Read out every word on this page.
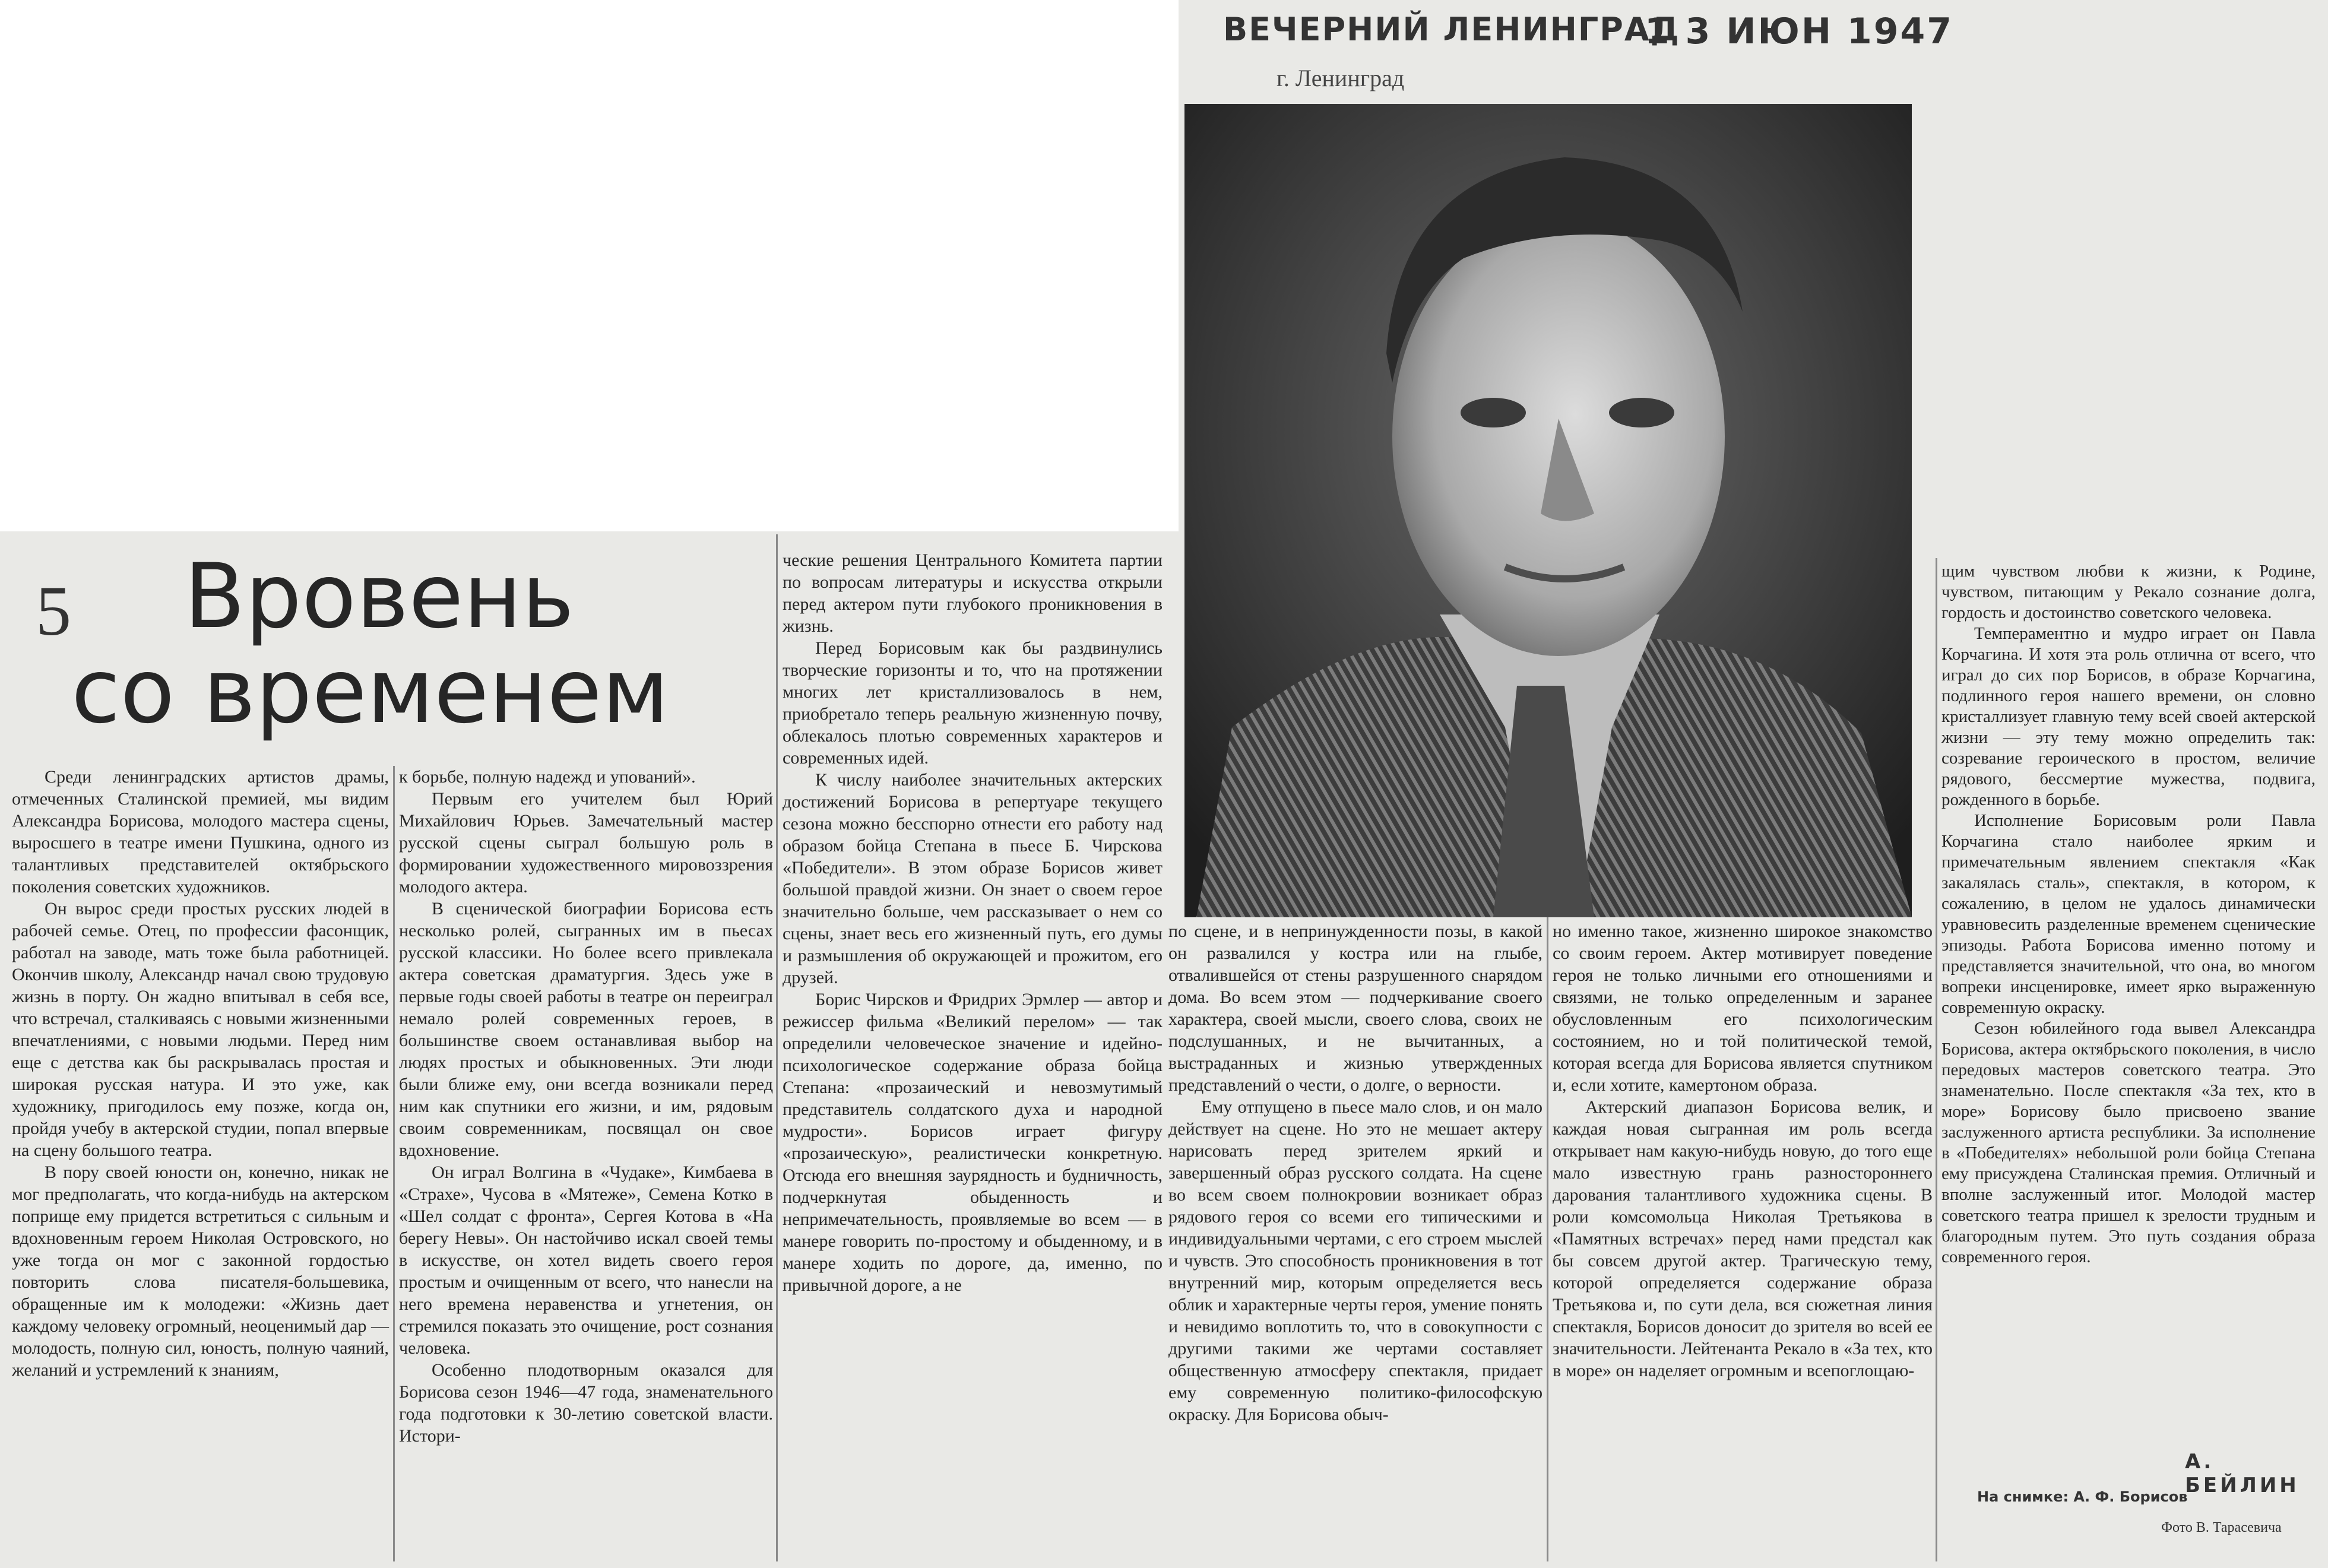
ВЕЧЕРНИЙ ЛЕНИНГРАД
1 3 ИЮН 1947
г. Ленинград
5	Вровень
со временем

Среди ленинградских артистов драмы, отмеченных Сталинской премией, мы видим Александра Борисова, молодого мастера сцены, выросшего в театре имени Пушкина, одного из талантливых представителей октябрьского поколения советских художников.

Он вырос среди простых русских людей в рабочей семье. Отец, по профессии фасонщик, работал на заводе, мать тоже была работницей. Окончив школу, Александр начал свою трудовую жизнь в порту. Он жадно впитывал в себя все, что встречал, сталкиваясь с новыми жизненными впечатлениями, с новыми людьми. Перед ним еще с детства как бы раскрывалась простая и широкая русская натура. И это уже, как художнику, пригодилось ему позже, когда он, пройдя учебу в актерской студии, попал впервые на сцену большого театра.

В пору своей юности он, конечно, никак не мог предполагать, что когда-нибудь на актерском поприще ему придется встретиться с сильным и вдохновенным героем Николая Островского, но уже тогда он мог с законной гордостью повторить слова писателя-большевика, обращенные им к молодежи: «Жизнь дает каждому человеку огромный, неоценимый дар — молодость, полную сил, юность, полную чаяний, желаний и устремлений к знаниям,

к борьбе, полную надежд и упований».

Первым его учителем был Юрий Михайлович Юрьев. Замечательный мастер русской сцены сыграл большую роль в формировании художественного мировоззрения молодого актера.

В сценической биографии Борисова есть несколько ролей, сыгранных им в пьесах русской классики. Но более всего привлекала актера советская драматургия. Здесь уже в первые годы своей работы в театре он переиграл немало ролей современных героев, в большинстве своем останавливая выбор на людях простых и обыкновенных. Эти люди были ближе ему, они всегда возникали перед ним как спутники его жизни, и им, рядовым своим современникам, посвящал он свое вдохновение.

Он играл Волгина в «Чудаке», Кимбаева в «Страхе», Чусова в «Мятеже», Семена Котко в «Шел солдат с фронта», Сергея Котова в «На берегу Невы». Он настойчиво искал своей темы в искусстве, он хотел видеть своего героя простым и очищенным от всего, что нанесли на него времена неравенства и угнетения, он стремился показать это очищение, рост сознания человека.

Особенно плодотворным оказался для Борисова сезон 1946—47 года, знаменательного года подготовки к 30-летию советской власти. Истори-

ческие решения Центрального Комитета партии по вопросам литературы и искусства открыли перед актером пути глубокого проникновения в жизнь.

Перед Борисовым как бы раздвинулись творческие горизонты и то, что на протяжении многих лет кристаллизовалось в нем, приобретало теперь реальную жизненную почву, облекалось плотью современных характеров и современных идей.

К числу наиболее значительных актерских достижений Борисова в репертуаре текущего сезона можно бесспорно отнести его работу над образом бойца Степана в пьесе Б. Чирскова «Победители». В этом образе Борисов живет большой правдой жизни. Он знает о своем герое значительно больше, чем рассказывает о нем со сцены, знает весь его жизненный путь, его думы и размышления об окружающей и прожитом, его друзей.

Борис Чирсков и Фридрих Эрмлер — автор и режиссер фильма «Великий перелом» — так определили человеческое значение и идейно-психологическое содержание образа бойца Степана: «прозаический и невозмутимый представитель солдатского духа и народной мудрости». Борисов играет фигуру «прозаическую», реалистически конкретную. Отсюда его внешняя заурядность и будничность, подчеркнутая обыденность и непримечательность, проявляемые во всем — в манере говорить по-простому и обыденному, и в манере ходить по дороге, да, именно, по привычной дороге, а не

по сцене, и в непринужденности позы, в какой он развалился у костра или на глыбе, отвалившейся от стены разрушенного снарядом дома. Во всем этом — подчеркивание своего характера, своей мысли, своего слова, своих не подслушанных, и не вычитанных, а выстраданных и жизнью утвержденных представлений о чести, о долге, о верности.

Ему отпущено в пьесе мало слов, и он мало действует на сцене. Но это не мешает актеру нарисовать перед зрителем яркий и завершенный образ русского солдата. На сцене во всем своем полнокровии возникает образ рядового героя со всеми его типическими и индивидуальными чертами, с его строем мыслей и чувств. Это способность проникновения в тот внутренний мир, которым определяется весь облик и характерные черты героя, умение понять и невидимо воплотить то, что в совокупности с другими такими же чертами составляет общественную атмосферу спектакля, придает ему современную политико-философскую окраску. Для Борисова обыч-

но именно такое, жизненно широкое знакомство со своим героем. Актер мотивирует поведение героя не только личными его отношениями и связями, не только определенным и заранее обусловленным его психологическим состоянием, но и той политической темой, которая всегда для Борисова является спутником и, если хотите, камертоном образа.

Актерский диапазон Борисова велик, и каждая новая сыгранная им роль всегда открывает нам какую-нибудь новую, до того еще мало известную грань разностороннего дарования талантливого художника сцены. В роли комсомольца Николая Третьякова в «Памятных встречах» перед нами предстал как бы совсем другой актер. Трагическую тему, которой определяется содержание образа Третьякова и, по сути дела, вся сюжетная линия спектакля, Борисов доносит до зрителя во всей ее значительности. Лейтенанта Рекало в «За тех, кто в море» он наделяет огромным и всепоглощаю-

щим чувством любви к жизни, к Родине, чувством, питающим у Рекало сознание долга, гордость и достоинство советского человека.

Темпераментно и мудро играет он Павла Корчагина. И хотя эта роль отлична от всего, что играл до сих пор Борисов, в образе Корчагина, подлинного героя нашего времени, он словно кристаллизует главную тему всей своей актерской жизни — эту тему можно определить так: созревание героического в простом, величие рядового, бессмертие мужества, подвига, рожденного в борьбе.

Исполнение Борисовым роли Павла Корчагина стало наиболее ярким и примечательным явлением спектакля «Как закалялась сталь», спектакля, в котором, к сожалению, в целом не удалось динамически уравновесить разделенные временем сценические эпизоды. Работа Борисова именно потому и представляется значительной, что она, во многом вопреки инсценировке, имеет ярко выраженную современную окраску.

Сезон юбилейного года вывел Александра Борисова, актера октябрьского поколения, в число передовых мастеров советского театра. Это знаменательно. После спектакля «За тех, кто в море» Борисову было присвоено звание заслуженного артиста республики. За исполнение в «Победителях» небольшой роли бойца Степана ему присуждена Сталинская премия. Отличный и вполне заслуженный итог. Молодой мастер советского театра пришел к зрелости трудным и благородным путем. Это путь создания образа современного героя.

А. БЕЙЛИН
На снимке: А. Ф. Борисов
Фото В. Тарасевича
